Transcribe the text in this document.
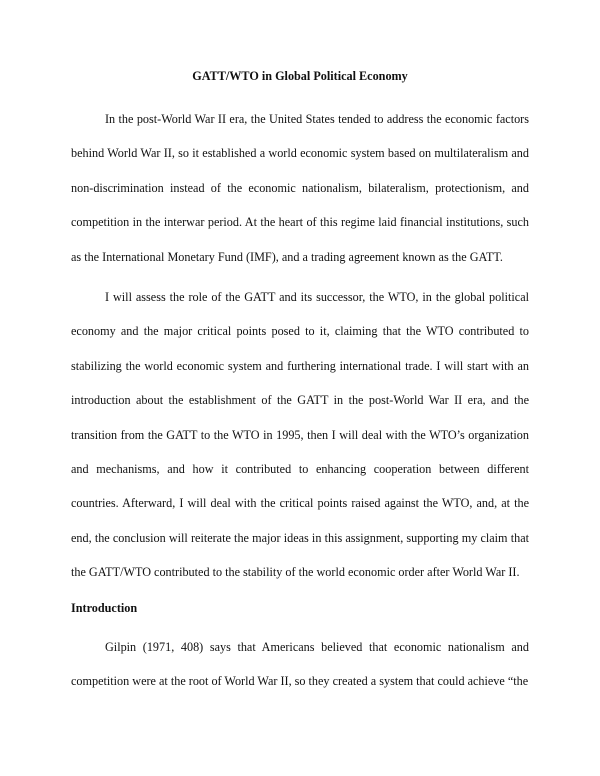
GATT/WTO in Global Political Economy

In the post-World War II era, the United States tended to address the economic factors behind World War II, so it established a world economic system based on multilateralism and non-discrimination instead of the economic nationalism, bilateralism, protectionism, and competition in the interwar period. At the heart of this regime laid financial institutions, such as the International Monetary Fund (IMF), and a trading agreement known as the GATT.

I will assess the role of the GATT and its successor, the WTO, in the global political economy and the major critical points posed to it, claiming that the WTO contributed to stabilizing the world economic system and furthering international trade. I will start with an introduction about the establishment of the GATT in the post-World War II era, and the transition from the GATT to the WTO in 1995, then I will deal with the WTO’s organization and mechanisms, and how it contributed to enhancing cooperation between different countries. Afterward, I will deal with the critical points raised against the WTO, and, at the end, the conclusion will reiterate the major ideas in this assignment, supporting my claim that the GATT/WTO contributed to the stability of the world economic order after World War II.

Introduction

Gilpin (1971, 408) says that Americans believed that economic nationalism and competition were at the root of World War II, so they created a system that could achieve “the
